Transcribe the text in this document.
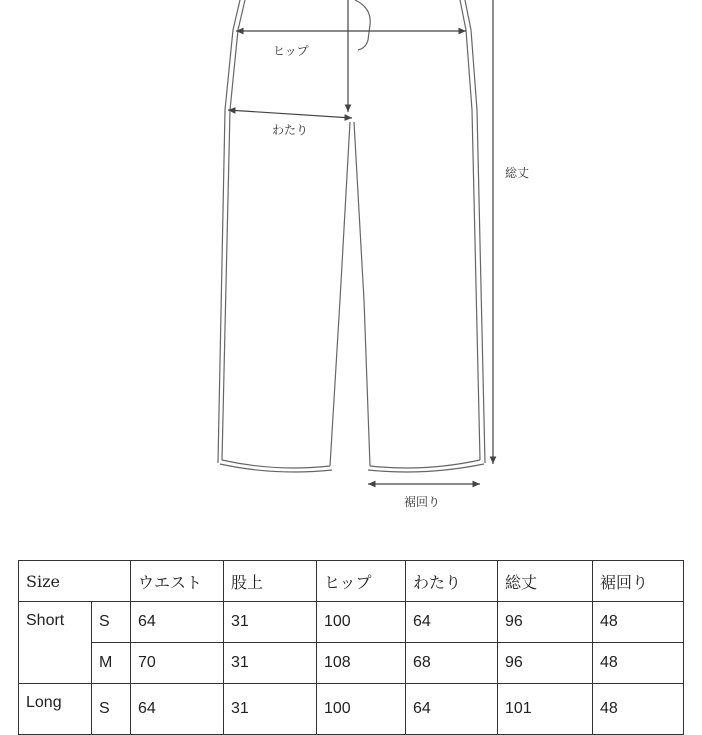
ヒップ
わたり
総丈
裾回り
Size		ウエスト	股上	ヒップ	わたり	総丈	裾回り
Short	S	64	31	100	64	96	48
	M	70	31	108	68	96	48
Long	S	64	31	100	64	101	48
